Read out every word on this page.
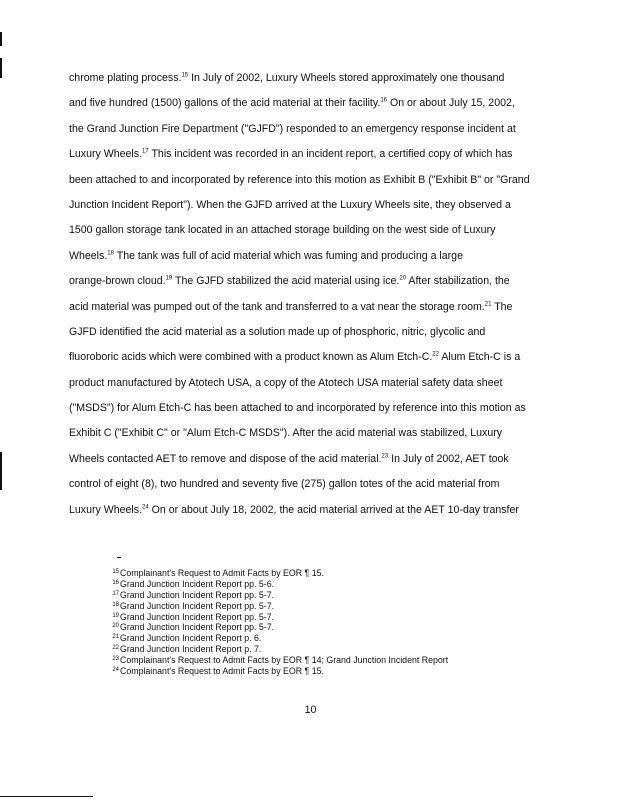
chrome plating process.$^{15}$ In July of 2002, Luxury Wheels stored approximately one thousand
and five hundred (1500) gallons of the acid material at their facility.$^{16}$ On or about July 15, 2002,
the Grand Junction Fire Department ("GJFD") responded to an emergency response incident at
Luxury Wheels.$^{17}$ This incident was recorded in an incident report, a certified copy of which has
been attached to and incorporated by reference into this motion as Exhibit B ("Exhibit B" or "Grand
Junction Incident Report"). When the GJFD arrived at the Luxury Wheels site, they observed a
1500 gallon storage tank located in an attached storage building on the west side of Luxury
Wheels.$^{18}$ The tank was full of acid material which was fuming and producing a large
orange-brown cloud.$^{19}$ The GJFD stabilized the acid material using ice.$^{20}$ After stabilization, the
acid material was pumped out of the tank and transferred to a vat near the storage room.$^{21}$ The
GJFD identified the acid material as a solution made up of phosphoric, nitric, glycolic and
fluoroboric acids which were combined with a product known as Alum Etch-C.$^{22}$ Alum Etch-C is a
product manufactured by Atotech USA, a copy of the Atotech USA material safety data sheet
("MSDS") for Alum Etch-C has been attached to and incorporated by reference into this motion as
Exhibit C ("Exhibit C" or "Alum Etch-C MSDS"). After the acid material was stabilized, Luxury
Wheels contacted AET to remove and dispose of the acid material.$^{23}$ In July of 2002, AET took
control of eight (8), two hundred and seventy five (275) gallon totes of the acid material from
Luxury Wheels.$^{24}$ On or about July 18, 2002, the acid material arrived at the AET 10-day transfer
15Complainant's Request to Admit Facts by EOR ¶ 15.
16Grand Junction Incident Report pp. 5-6.
17Grand Junction Incident Report pp. 5-7.
18Grand Junction Incident Report pp. 5-7.
19Grand Junction Incident Report pp. 5-7.
20Grand Junction Incident Report pp. 5-7.
21Grand Junction Incident Report p. 6.
22Grand Junction Incident Report p. 7.
23Complainant's Request to Admit Facts by EOR ¶ 14; Grand Junction Incident Report
24Complainant's Request to Admit Facts by EOR ¶ 15.
10
